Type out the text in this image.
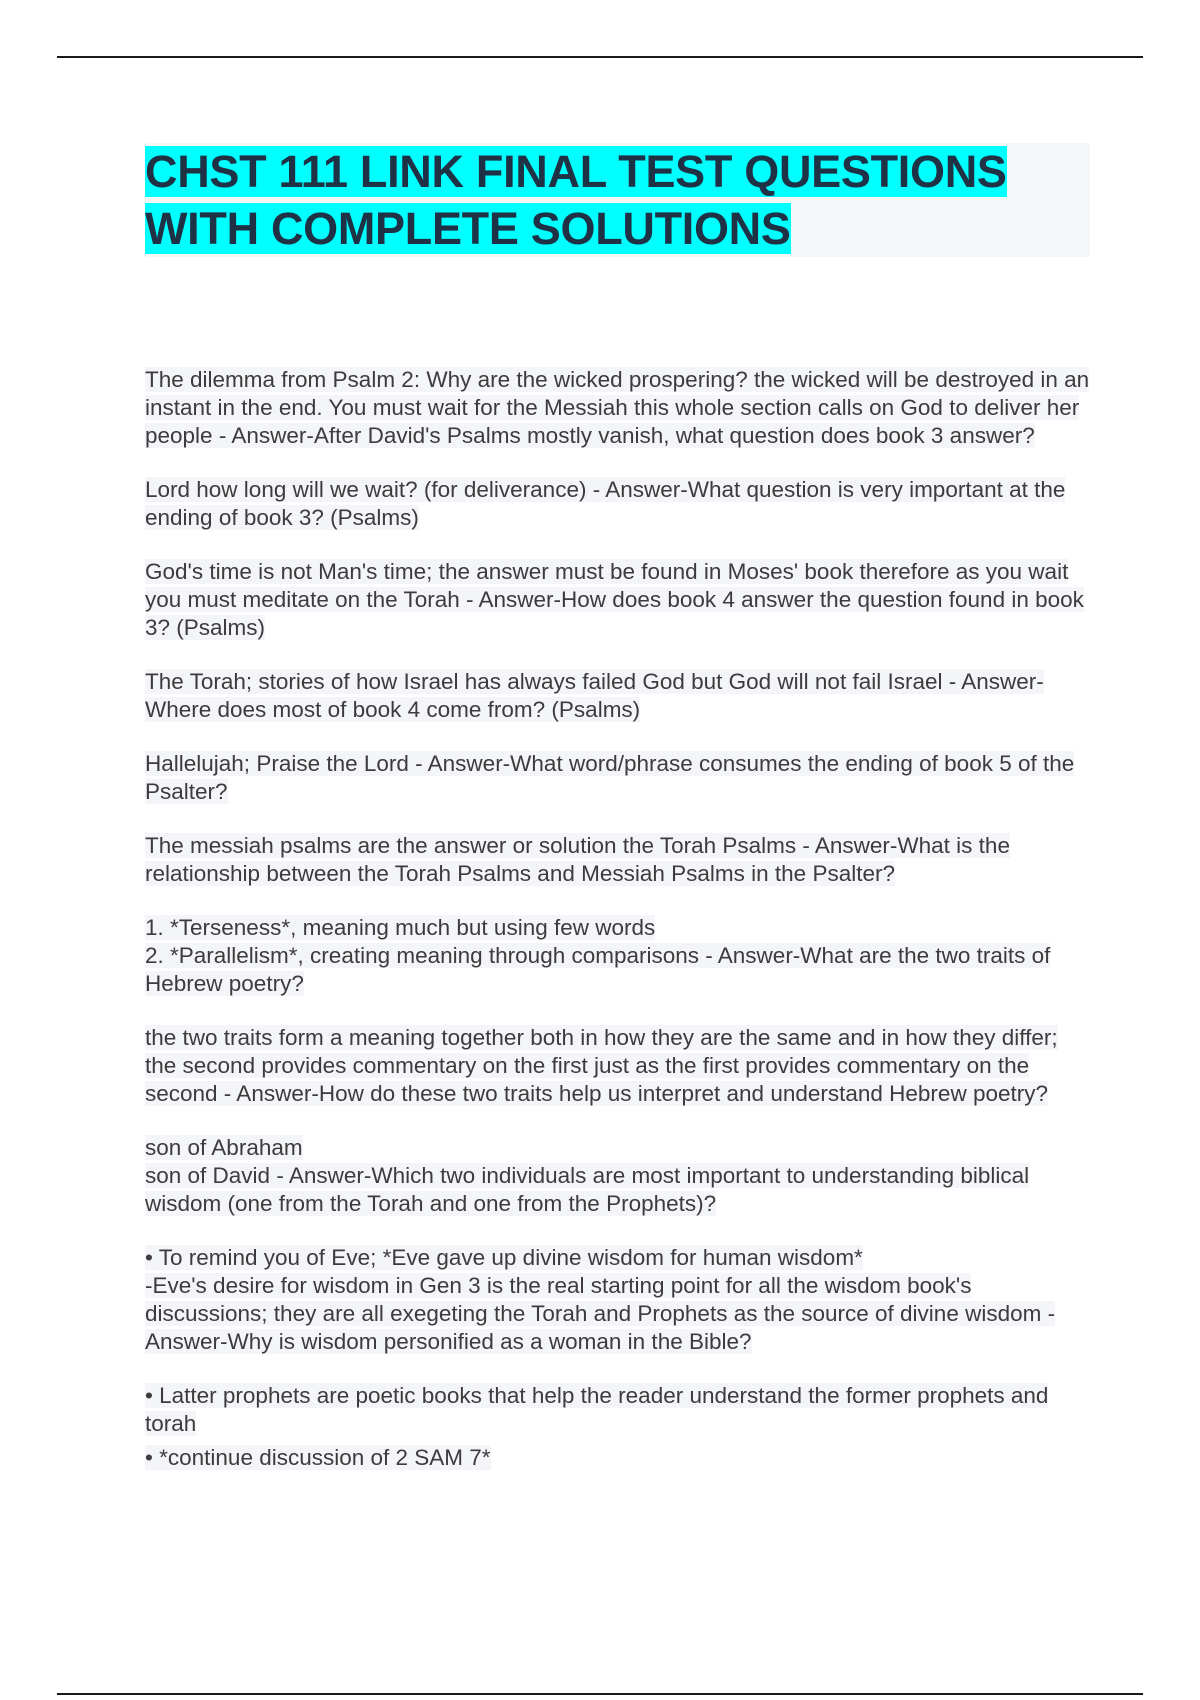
CHST 111 LINK FINAL TEST QUESTIONS WITH COMPLETE SOLUTIONS

The dilemma from Psalm 2: Why are the wicked prospering? the wicked will be destroyed in an instant in the end. You must wait for the Messiah this whole section calls on God to deliver her people - Answer-After David's Psalms mostly vanish, what question does book 3 answer?

Lord how long will we wait? (for deliverance) - Answer-What question is very important at the ending of book 3? (Psalms)

God's time is not Man's time; the answer must be found in Moses' book therefore as you wait you must meditate on the Torah - Answer-How does book 4 answer the question found in book 3? (Psalms)

The Torah; stories of how Israel has always failed God but God will not fail Israel - Answer-Where does most of book 4 come from? (Psalms)

Hallelujah; Praise the Lord - Answer-What word/phrase consumes the ending of book 5 of the Psalter?

The messiah psalms are the answer or solution the Torah Psalms - Answer-What is the relationship between the Torah Psalms and Messiah Psalms in the Psalter?

1. *Terseness*, meaning much but using few words
2. *Parallelism*, creating meaning through comparisons - Answer-What are the two traits of Hebrew poetry?

the two traits form a meaning together both in how they are the same and in how they differ; the second provides commentary on the first just as the first provides commentary on the second - Answer-How do these two traits help us interpret and understand Hebrew poetry?

son of Abraham
son of David - Answer-Which two individuals are most important to understanding biblical wisdom (one from the Torah and one from the Prophets)?

• To remind you of Eve; *Eve gave up divine wisdom for human wisdom*
-Eve's desire for wisdom in Gen 3 is the real starting point for all the wisdom book's discussions; they are all exegeting the Torah and Prophets as the source of divine wisdom - Answer-Why is wisdom personified as a woman in the Bible?

• Latter prophets are poetic books that help the reader understand the former prophets and torah

• *continue discussion of 2 SAM 7*
